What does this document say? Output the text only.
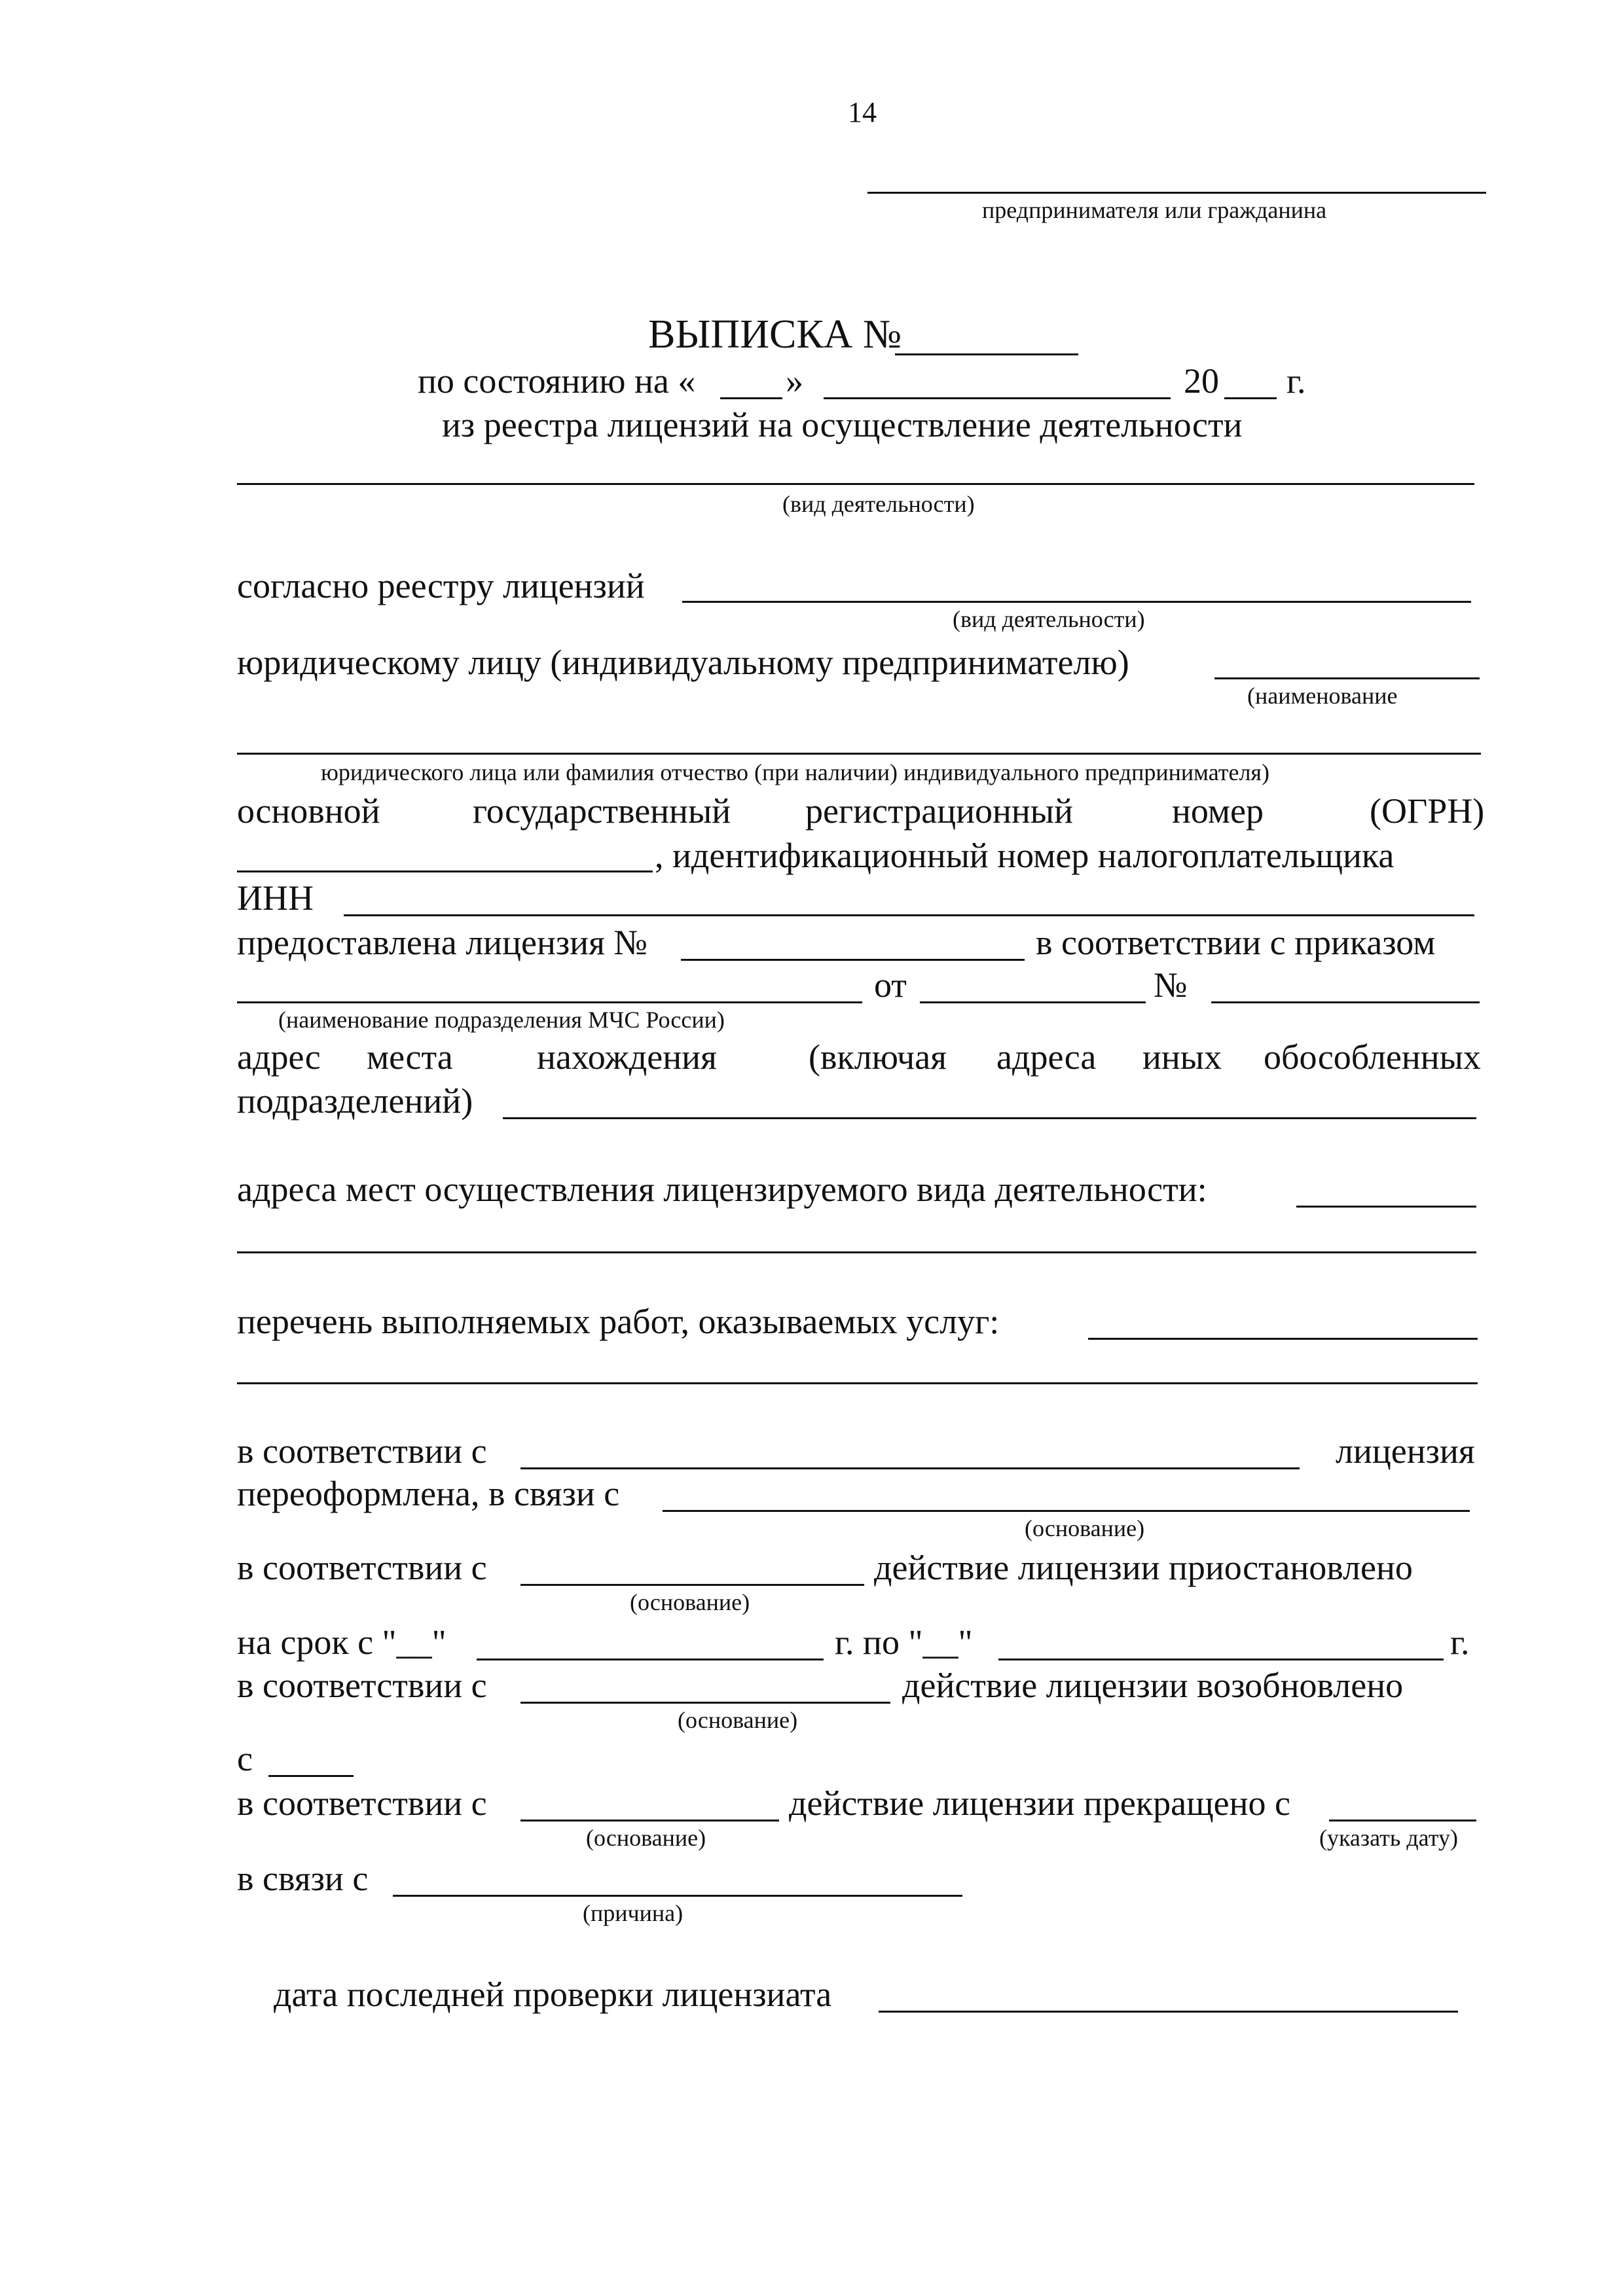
14
предпринимателя или гражданина
ВЫПИСКА №
по состоянию на «	»	20 г.
из реестра лицензий на осуществление деятельности
(вид деятельности)
согласно реестру лицензий
(вид деятельности)
юридическому лицу (индивидуальному предпринимателю)
(наименование
юридического лица или фамилия отчество (при наличии) индивидуального предпринимателя)
основной	государственный регистрационный	номер	(ОГРН)
, идентификационный номер налогоплательщика
ИНН
предоставлена лицензия №	в соответствии с приказом
от	№
(наименование подразделения МЧС России)
адрес места нахождения	(включая адреса иных обособленных
подразделений)
адреса мест осуществления лицензируемого вида деятельности:
перечень выполняемых работ, оказываемых услуг:
в соответствии с	лицензия
переоформлена, в связи с
(основание)
в соответствии с	действие лицензии приостановлено
(основание)
на срок с "__"	г. по "__"	г.
в соответствии с	действие лицензии возобновлено
(основание)
с
в соответствии с	действие лицензии прекращено с
(основание)	(указать дату)
в связи с
(причина)
дата последней проверки лицензиата
